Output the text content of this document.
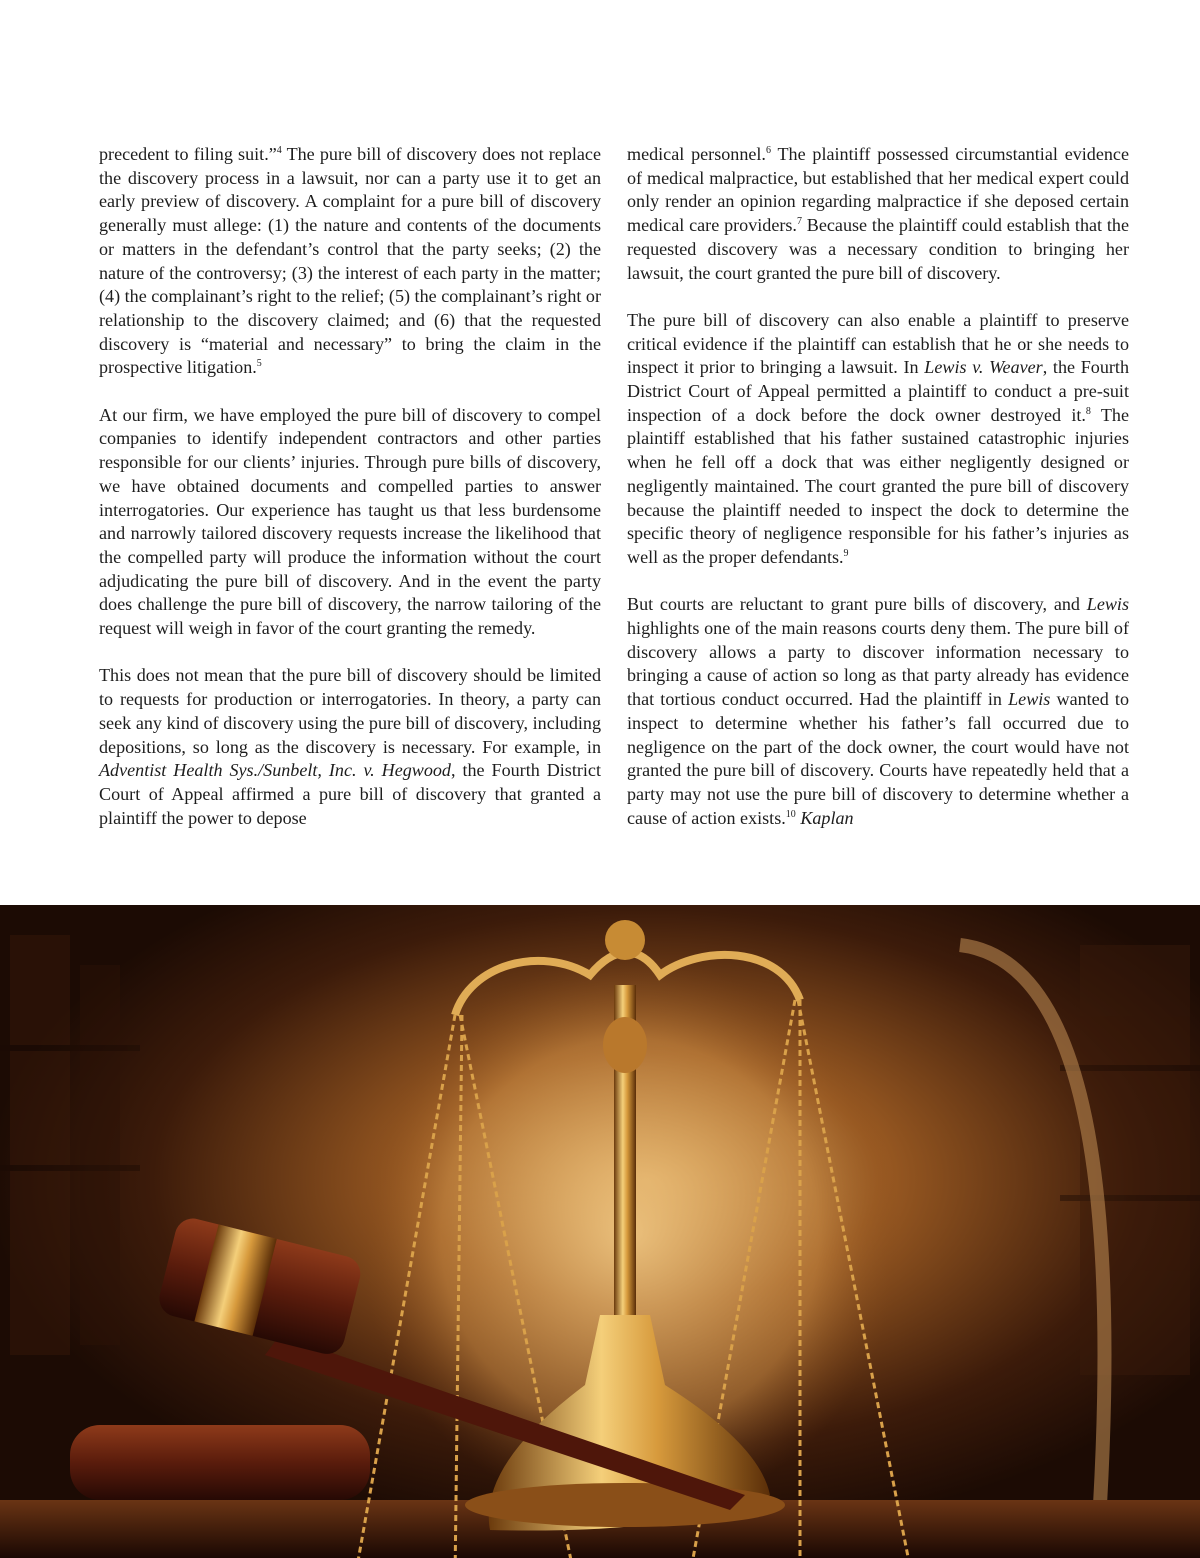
precedent to filing suit.”$^4$ The pure bill of discovery does not replace the discovery process in a lawsuit, nor can a party use it to get an early preview of discovery. A complaint for a pure bill of discovery generally must allege: (1) the nature and contents of the documents or matters in the defendant’s control that the party seeks; (2) the nature of the controversy; (3) the interest of each party in the matter; (4) the complainant’s right to the relief; (5) the complainant’s right or relationship to the discovery claimed; and (6) that the requested discovery is “material and necessary” to bring the claim in the prospective litigation.$^5$

At our firm, we have employed the pure bill of discovery to compel companies to identify independent contractors and other parties responsible for our clients’ injuries. Through pure bills of discovery, we have obtained documents and compelled parties to answer interrogatories. Our experience has taught us that less burdensome and narrowly tailored discovery requests increase the likelihood that the compelled party will produce the information without the court adjudicating the pure bill of discovery. And in the event the party does challenge the pure bill of discovery, the narrow tailoring of the request will weigh in favor of the court granting the remedy.

This does not mean that the pure bill of discovery should be limited to requests for production or interrogatories. In theory, a party can seek any kind of discovery using the pure bill of discovery, including depositions, so long as the discovery is necessary. For example, in Adventist Health Sys./Sunbelt, Inc. v. Hegwood, the Fourth District Court of Appeal affirmed a pure bill of discovery that granted a plaintiff the power to depose

medical personnel.$^6$ The plaintiff possessed circumstantial evidence of medical malpractice, but established that her medical expert could only render an opinion regarding malpractice if she deposed certain medical care providers.$^7$ Because the plaintiff could establish that the requested discovery was a necessary condition to bringing her lawsuit, the court granted the pure bill of discovery.

The pure bill of discovery can also enable a plaintiff to preserve critical evidence if the plaintiff can establish that he or she needs to inspect it prior to bringing a lawsuit. In Lewis v. Weaver, the Fourth District Court of Appeal permitted a plaintiff to conduct a pre-suit inspection of a dock before the dock owner destroyed it.$^8$ The plaintiff established that his father sustained catastrophic injuries when he fell off a dock that was either negligently designed or negligently maintained. The court granted the pure bill of discovery because the plaintiff needed to inspect the dock to determine the specific theory of negligence responsible for his father’s injuries as well as the proper defendants.$^9$

But courts are reluctant to grant pure bills of discovery, and Lewis highlights one of the main reasons courts deny them. The pure bill of discovery allows a party to discover information necessary to bringing a cause of action so long as that party already has evidence that tortious conduct occurred. Had the plaintiff in Lewis wanted to inspect to determine whether his father’s fall occurred due to negligence on the part of the dock owner, the court would have not granted the pure bill of discovery. Courts have repeatedly held that a party may not use the pure bill of discovery to determine whether a cause of action exists.$^{10}$ Kaplan
